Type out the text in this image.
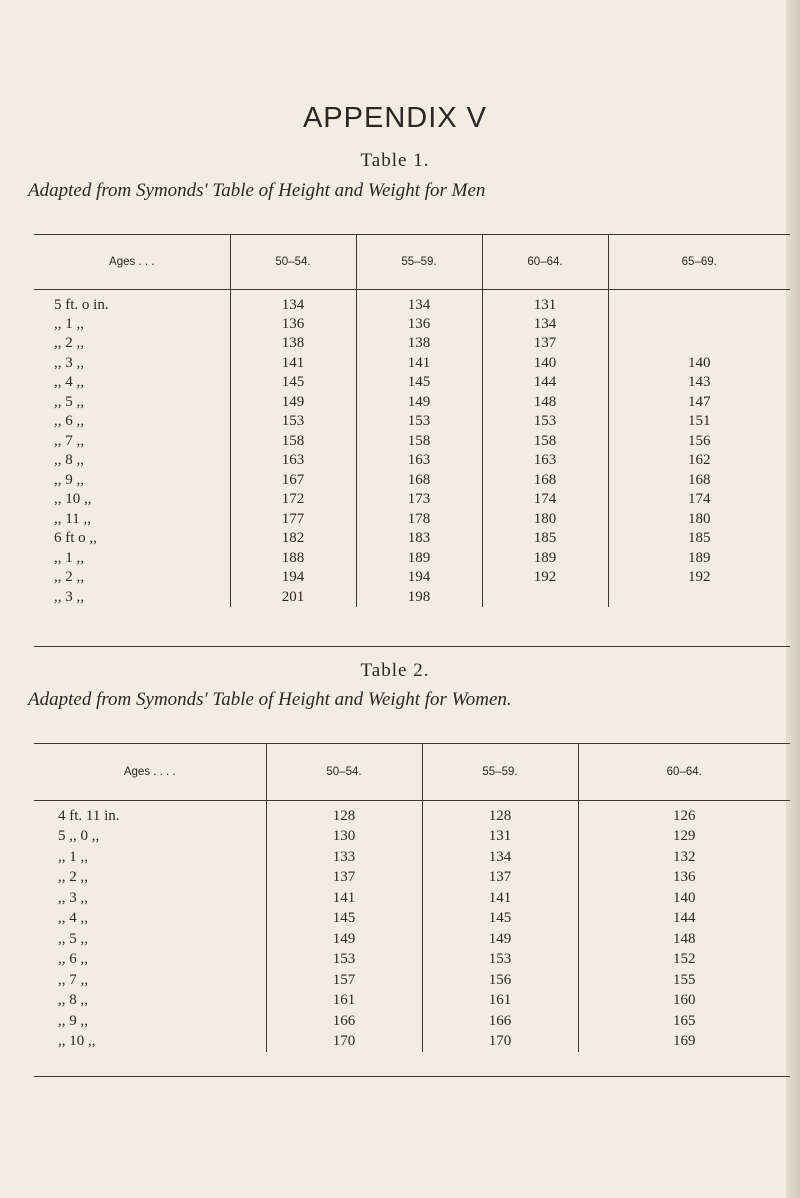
APPENDIX V
Table 1.
Adapted from Symonds' Table of Height and Weight for Men
Ages . . .	50–54.	55–59.	60–64.	65–69.
5 ft. o in.	134	134	131	
,, 1 ,,	136	136	134	
,, 2 ,,	138	138	137	
,, 3 ,,	141	141	140	140
,, 4 ,,	145	145	144	143
,, 5 ,,	149	149	148	147
,, 6 ,,	153	153	153	151
,, 7 ,,	158	158	158	156
,, 8 ,,	163	163	163	162
,, 9 ,,	167	168	168	168
,, 10 ,,	172	173	174	174
,, 11 ,,	177	178	180	180
6 ft o ,,	182	183	185	185
,, 1 ,,	188	189	189	189
,, 2 ,,	194	194	192	192
,, 3 ,,	201	198		
Table 2.
Adapted from Symonds' Table of Height and Weight for Women.
Ages . . . .	50–54.	55–59.	60–64.
4 ft. 11 in.	128	128	126
5 ,, 0 ,,	130	131	129
,, 1 ,,	133	134	132
,, 2 ,,	137	137	136
,, 3 ,,	141	141	140
,, 4 ,,	145	145	144
,, 5 ,,	149	149	148
,, 6 ,,	153	153	152
,, 7 ,,	157	156	155
,, 8 ,,	161	161	160
,, 9 ,,	166	166	165
,, 10 ,,	170	170	169
